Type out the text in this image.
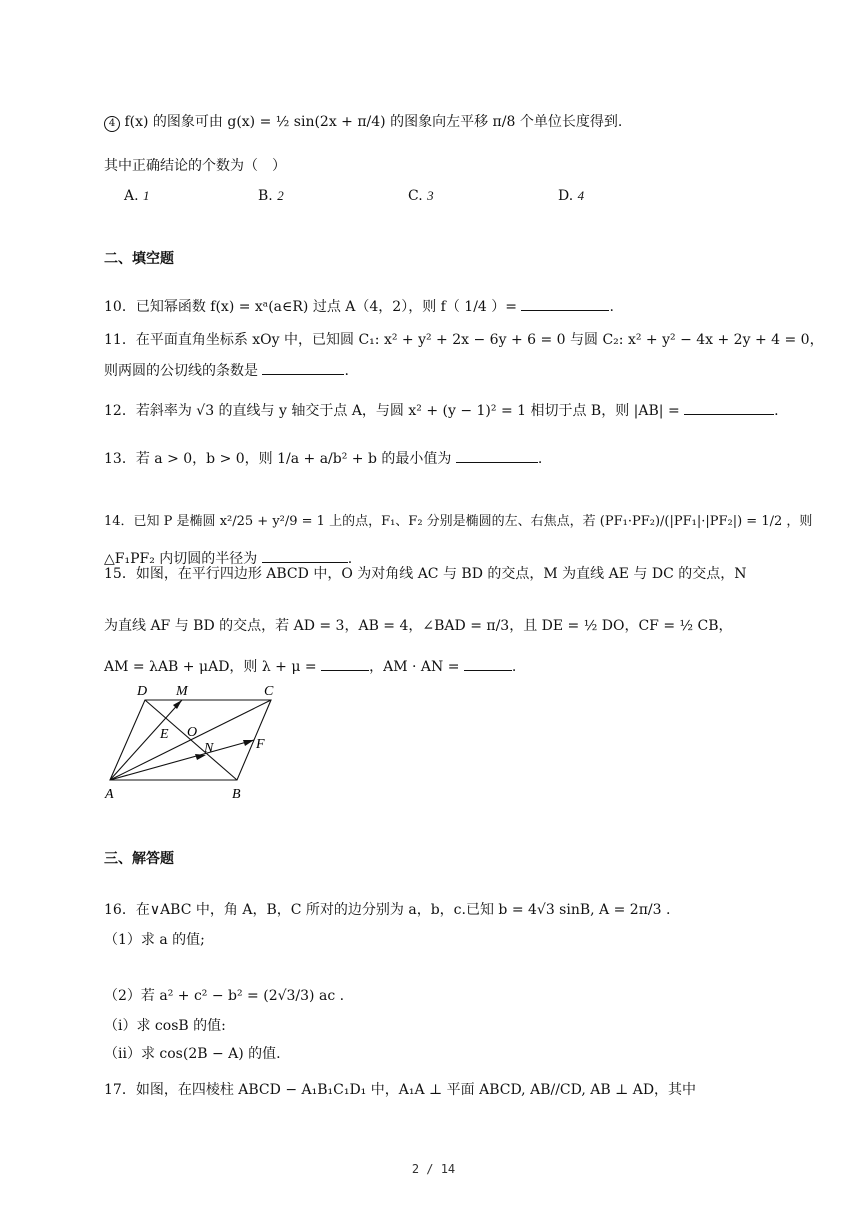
4 f(x) 的图象可由 g(x) = ½ sin(2x + π/4) 的图象向左平移 π/8 个单位长度得到.
其中正确结论的个数为（　）
A. 1	B. 2	C. 3	D. 4
二、填空题
10．已知幂函数 f(x) = xᵃ(a∈R) 过点 A（4，2），则 f（ 1/4 ）=	.
11．在平面直角坐标系 xOy 中，已知圆 C₁: x² + y² + 2x − 6y + 6 = 0 与圆 C₂: x² + y² − 4x + 2y + 4 = 0，
则两圆的公切线的条数是	.
12．若斜率为 √3 的直线与 y 轴交于点 A，与圆 x² + (y − 1)² = 1 相切于点 B，则 |AB| =	.
13．若 a > 0，b > 0，则 1/a + a/b² + b 的最小值为	.
14．已知 P 是椭圆 x²/25 + y²/9 = 1 上的点，F₁、F₂ 分别是椭圆的左、右焦点，若 (PF₁·PF₂)/(|PF₁|·|PF₂|) = 1/2 ，则
△F₁PF₂ 内切圆的半径为	.
15．如图，在平行四边形 ABCD 中，O 为对角线 AC 与 BD 的交点，M 为直线 AE 与 DC 的交点，N
为直线 AF 与 BD 的交点，若 AD = 3，AB = 4，∠BAD = π/3，且 DE = ½ DO，CF = ½ CB，
AM = λAB + μAD，则 λ + μ =	，AM · AN =	.
D M	C
E O
N	F
A	B
三、解答题
16．在∨ABC 中，角 A，B，C 所对的边分别为 a，b，c.已知 b = 4√3 sinB, A = 2π/3 .
（1）求 a 的值;
（2）若 a² + c² − b² = (2√3/3) ac .
（i）求 cosB 的值:
（ii）求 cos(2B − A) 的值.
17．如图，在四棱柱 ABCD − A₁B₁C₁D₁ 中，A₁A ⊥ 平面 ABCD, AB//CD, AB ⊥ AD，其中
2 / 14
